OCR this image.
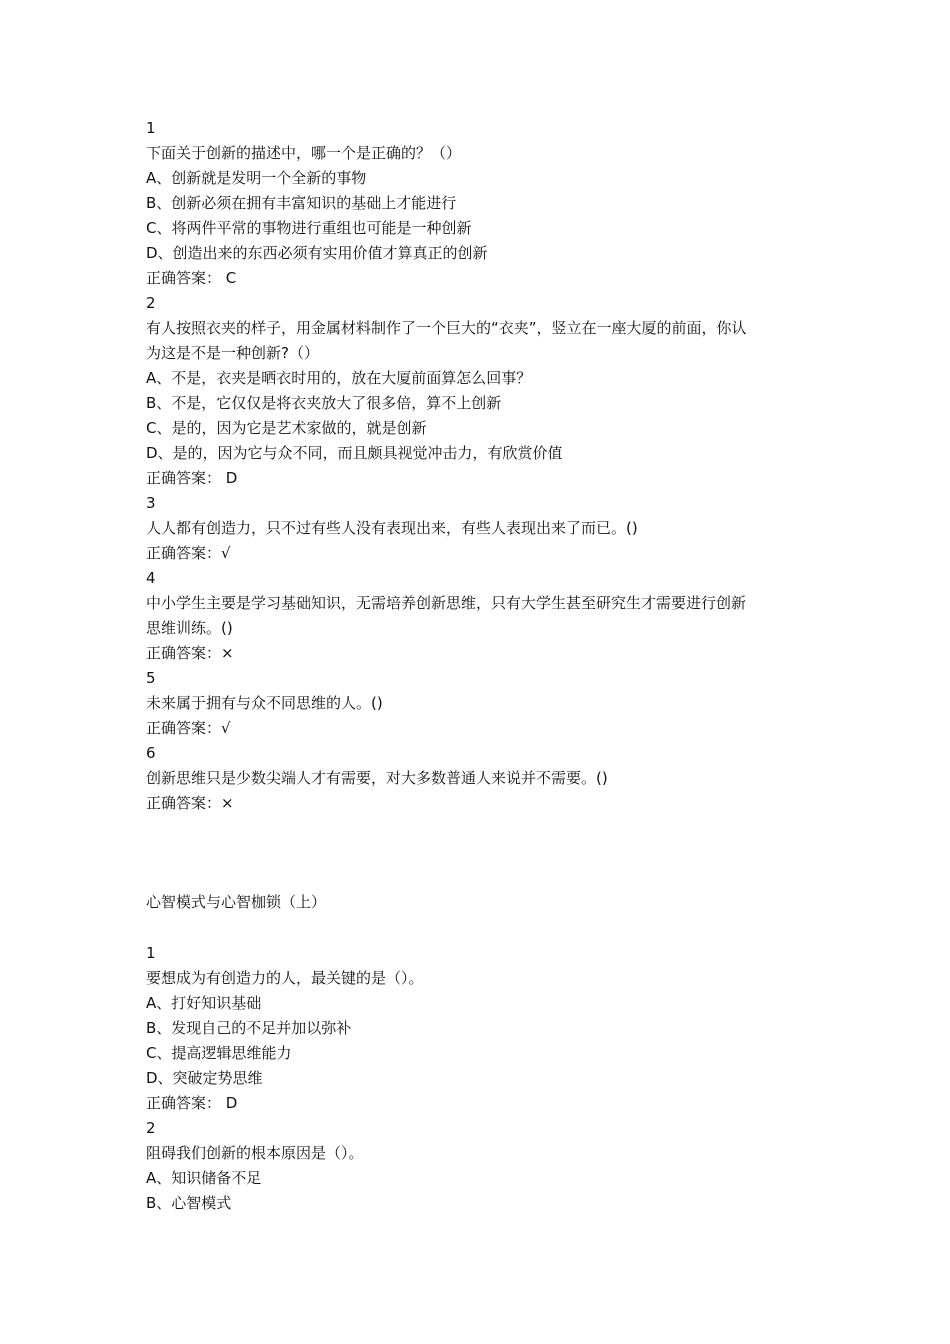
1
下面关于创新的描述中，哪一个是正确的？（）
A、创新就是发明一个全新的事物
B、创新必须在拥有丰富知识的基础上才能进行
C、将两件平常的事物进行重组也可能是一种创新
D、创造出来的东西必须有实用价值才算真正的创新
正确答案： C
2
有人按照衣夹的样子，用金属材料制作了一个巨大的“衣夹”，竖立在一座大厦的前面，你认
为这是不是一种创新?（）
A、不是，衣夹是晒衣时用的，放在大厦前面算怎么回事？
B、不是，它仅仅是将衣夹放大了很多倍，算不上创新
C、是的，因为它是艺术家做的，就是创新
D、是的，因为它与众不同，而且颇具视觉冲击力，有欣赏价值
正确答案： D
3
人人都有创造力，只不过有些人没有表现出来，有些人表现出来了而已。()
正确答案：√
4
中小学生主要是学习基础知识，无需培养创新思维，只有大学生甚至研究生才需要进行创新
思维训练。()
正确答案：×
5
未来属于拥有与众不同思维的人。()
正确答案：√
6
创新思维只是少数尖端人才有需要，对大多数普通人来说并不需要。()
正确答案：×
心智模式与心智枷锁（上）
1
要想成为有创造力的人，最关键的是（）。
A、打好知识基础
B、发现自己的不足并加以弥补
C、提高逻辑思维能力
D、突破定势思维
正确答案： D
2
阻碍我们创新的根本原因是（）。
A、知识储备不足
B、心智模式
